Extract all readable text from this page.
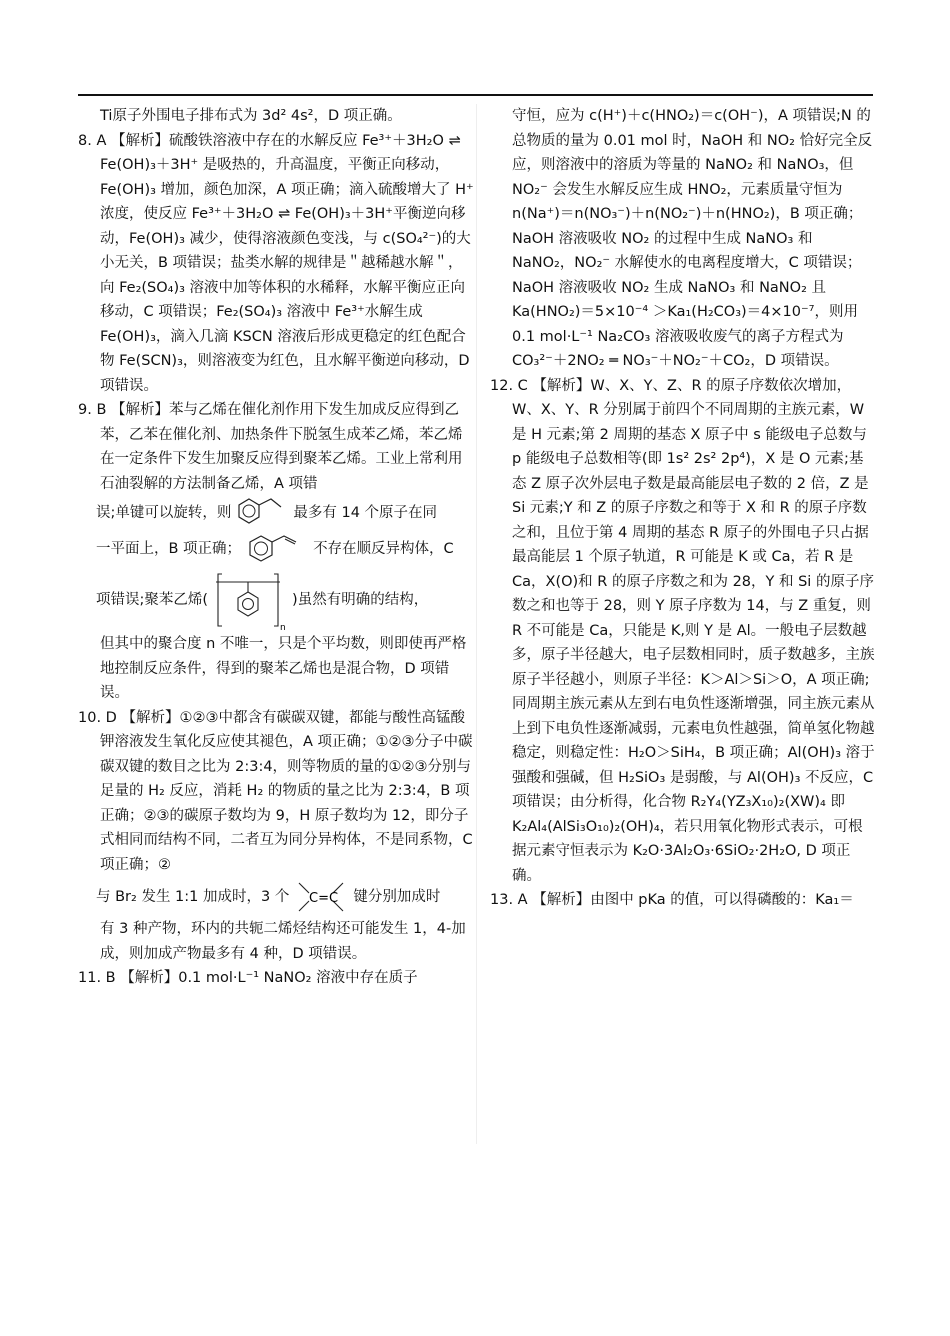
Ti原子外围电子排布式为 3d² 4s²，D 项正确。

8. A 【解析】硫酸铁溶液中存在的水解反应 Fe³⁺＋3H₂O ⇌ Fe(OH)₃＋3H⁺ 是吸热的，升高温度，平衡正向移动，Fe(OH)₃ 增加，颜色加深，A 项正确；滴入硫酸增大了 H⁺浓度，使反应 Fe³⁺＋3H₂O ⇌ Fe(OH)₃＋3H⁺平衡逆向移动，Fe(OH)₃ 减少，使得溶液颜色变浅，与 c(SO₄²⁻)的大小无关，B 项错误；盐类水解的规律是＂越稀越水解＂，向 Fe₂(SO₄)₃ 溶液中加等体积的水稀释，水解平衡应正向移动，C 项错误；Fe₂(SO₄)₃ 溶液中 Fe³⁺水解生成 Fe(OH)₃，滴入几滴 KSCN 溶液后形成更稳定的红色配合物 Fe(SCN)₃，则溶液变为红色，且水解平衡逆向移动，D 项错误。

9. B 【解析】苯与乙烯在催化剂作用下发生加成反应得到乙苯，乙苯在催化剂、加热条件下脱氢生成苯乙烯，苯乙烯在一定条件下发生加聚反应得到聚苯乙烯。工业上常利用石油裂解的方法制备乙烯，A 项错

误;单键可以旋转，则	最多有 14 个原子在同
一平面上，B 项正确；	不存在顺反异构体，C
项错误;聚苯乙烯(
n
)虽然有明确的结构，

但其中的聚合度 n 不唯一，只是个平均数，则即使再严格地控制反应条件，得到的聚苯乙烯也是混合物，D 项错误。

10. D 【解析】①②③中都含有碳碳双键，都能与酸性高锰酸钾溶液发生氧化反应使其褪色，A 项正确；①②③分子中碳碳双键的数目之比为 2:3:4，则等物质的量的①②③分别与足量的 H₂ 反应，消耗 H₂ 的物质的量之比为 2:3:4，B 项正确；②③的碳原子数均为 9，H 原子数均为 12，即分子式相同而结构不同，二者互为同分异构体，不是同系物，C 项正确；②

与 Br₂ 发生 1:1 加成时，3 个 C=C 键分别加成时

有 3 种产物，环内的共轭二烯烃结构还可能发生 1，4-加成，则加成产物最多有 4 种，D 项错误。

11. B 【解析】0.1 mol·L⁻¹ NaNO₂ 溶液中存在质子

守恒，应为 c(H⁺)＋c(HNO₂)＝c(OH⁻)，A 项错误;N 的总物质的量为 0.01 mol 时，NaOH 和 NO₂ 恰好完全反应，则溶液中的溶质为等量的 NaNO₂ 和 NaNO₃，但 NO₂⁻ 会发生水解反应生成 HNO₂，元素质量守恒为 n(Na⁺)＝n(NO₃⁻)＋n(NO₂⁻)＋n(HNO₂)，B 项正确；NaOH 溶液吸收 NO₂ 的过程中生成 NaNO₃ 和 NaNO₂，NO₂⁻ 水解使水的电离程度增大，C 项错误；NaOH 溶液吸收 NO₂ 生成 NaNO₃ 和 NaNO₂ 且 Ka(HNO₂)＝5×10⁻⁴ ＞Ka₁(H₂CO₃)＝4×10⁻⁷，则用 0.1 mol·L⁻¹ Na₂CO₃ 溶液吸收废气的离子方程式为 CO₃²⁻＋2NO₂ ═ NO₃⁻＋NO₂⁻＋CO₂，D 项错误。

12. C 【解析】W、X、Y、Z、R 的原子序数依次增加，W、X、Y、R 分别属于前四个不同周期的主族元素，W 是 H 元素;第 2 周期的基态 X 原子中 s 能级电子总数与 p 能级电子总数相等(即 1s² 2s² 2p⁴)，X 是 O 元素;基态 Z 原子次外层电子数是最高能层电子数的 2 倍，Z 是 Si 元素;Y 和 Z 的原子序数之和等于 X 和 R 的原子序数之和，且位于第 4 周期的基态 R 原子的外围电子只占据最高能层 1 个原子轨道，R 可能是 K 或 Ca，若 R 是 Ca，X(O)和 R 的原子序数之和为 28，Y 和 Si 的原子序数之和也等于 28，则 Y 原子序数为 14，与 Z 重复，则 R 不可能是 Ca，只能是 K,则 Y 是 Al。一般电子层数越多，原子半径越大，电子层数相同时，质子数越多，主族原子半径越小，则原子半径：K＞Al＞Si＞O，A 项正确;同周期主族元素从左到右电负性逐渐增强，同主族元素从上到下电负性逐渐减弱，元素电负性越强，简单氢化物越稳定，则稳定性：H₂O＞SiH₄，B 项正确；Al(OH)₃ 溶于强酸和强碱，但 H₂SiO₃ 是弱酸，与 Al(OH)₃ 不反应，C 项错误；由分析得，化合物 R₂Y₄(YZ₃X₁₀)₂(XW)₄ 即 K₂Al₄(AlSi₃O₁₀)₂(OH)₄，若只用氧化物形式表示，可根据元素守恒表示为 K₂O·3Al₂O₃·6SiO₂·2H₂O, D 项正确。

13. A 【解析】由图中 pKa 的值，可以得磷酸的：Ka₁＝
